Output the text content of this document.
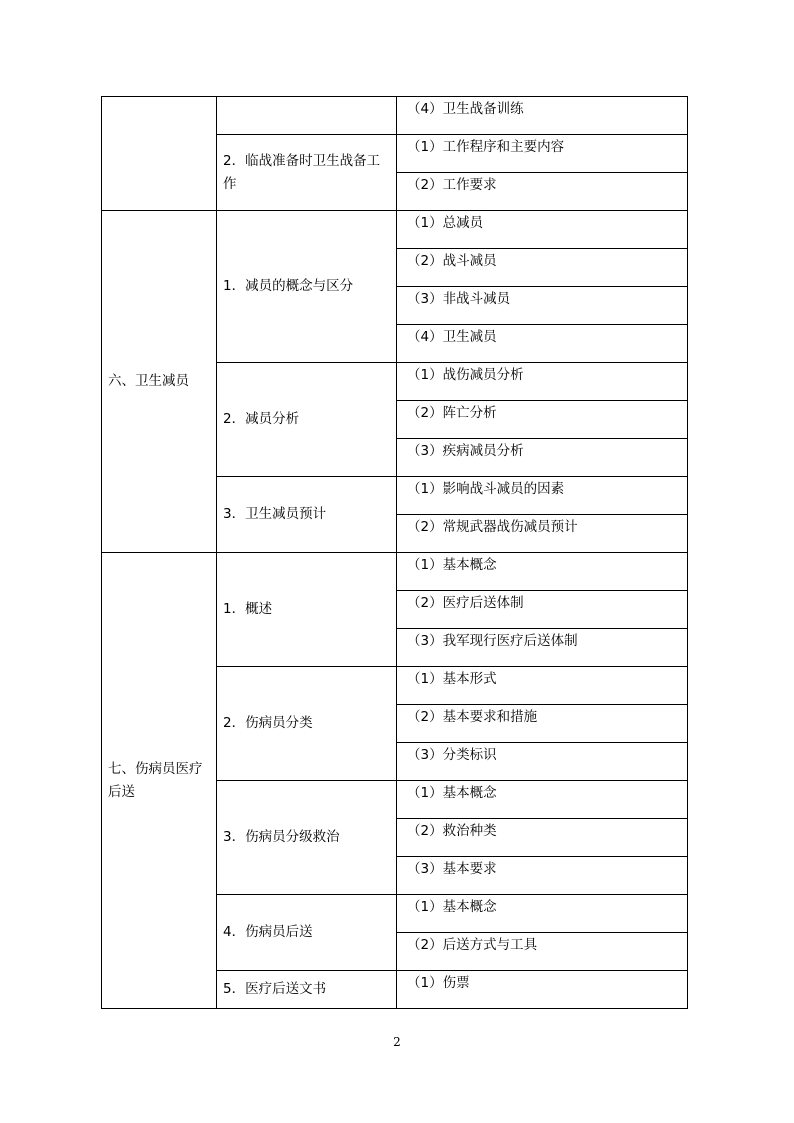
		（4）卫生战备训练

	2．临战准备时卫生战备工作	（1）工作程序和主要内容

		（2）工作要求

六、卫生减员	1．减员的概念与区分	（1）总减员

		（2）战斗减员

		（3）非战斗减员

		（4）卫生减员

	2．减员分析	（1）战伤减员分析

		（2）阵亡分析

		（3）疾病减员分析

	3．卫生减员预计	（1）影响战斗减员的因素

		（2）常规武器战伤减员预计

七、伤病员医疗后送	1．概述	（1）基本概念

		（2）医疗后送体制

		（3）我军现行医疗后送体制

	2．伤病员分类	（1）基本形式

		（2）基本要求和措施

		（3）分类标识

	3．伤病员分级救治	（1）基本概念

		（2）救治种类

		（3）基本要求

	4．伤病员后送	（1）基本概念

		（2）后送方式与工具

	5．医疗后送文书	（1）伤票
2
